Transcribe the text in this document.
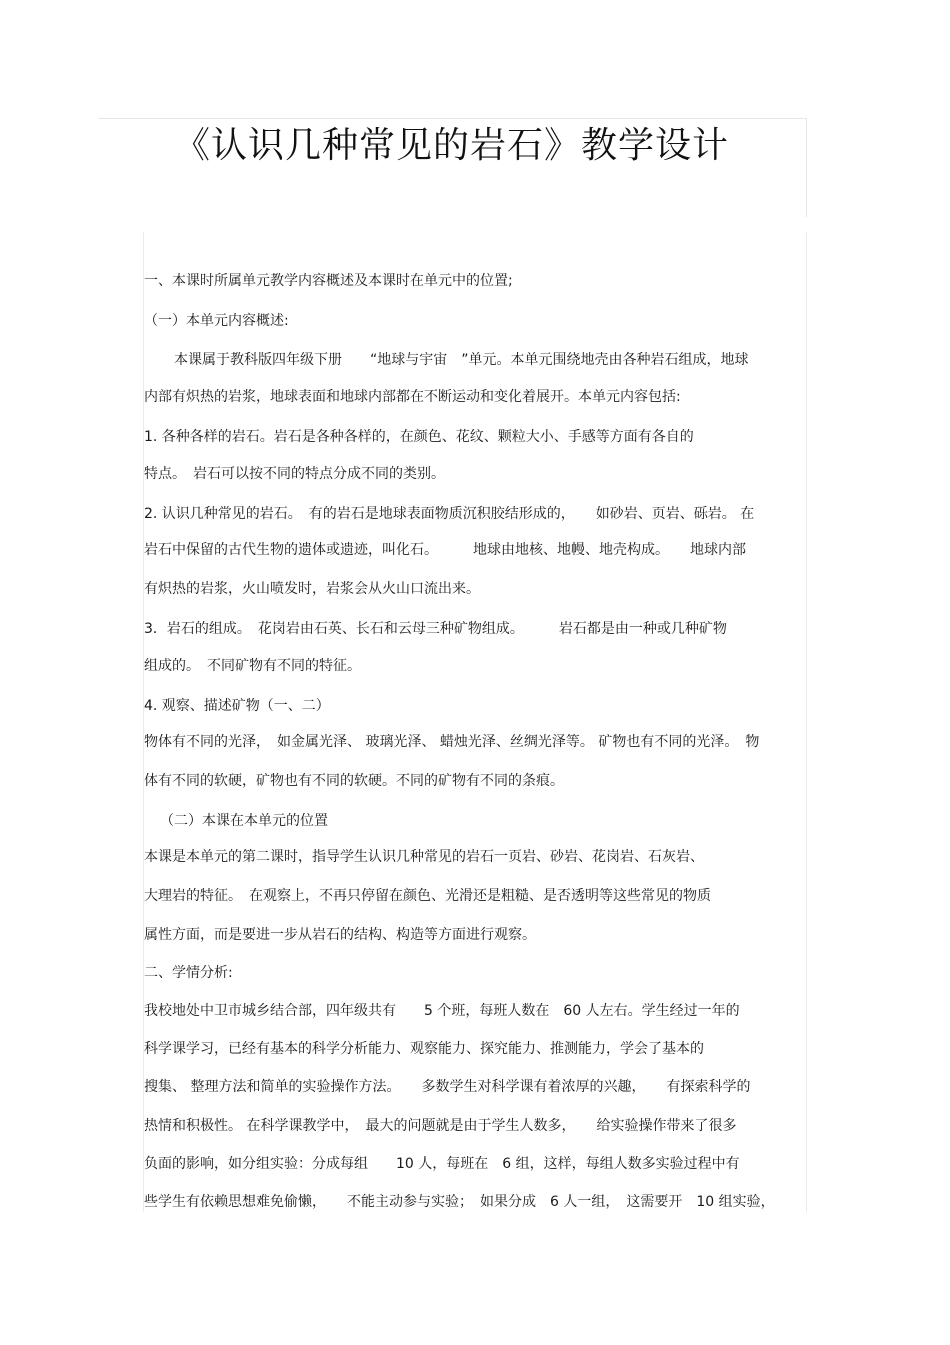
《认识几种常见的岩石》教学设计
一、本课时所属单元教学内容概述及本课时在单元中的位置;
（一）本单元内容概述:
本课属于教科版四年级下册　　“地球与宇宙　”单元。本单元围绕地壳由各种岩石组成，地球
内部有炽热的岩浆，地球表面和地球内部都在不断运动和变化着展开。本单元内容包括:
1. 各种各样的岩石。岩石是各种各样的，在颜色、花纹、颗粒大小、手感等方面有各自的
特点。　岩石可以按不同的特点分成不同的类别。
2. 认识几种常见的岩石。　有的岩石是地球表面物质沉积胶结形成的，　　如砂岩、页岩、砾岩。 在
岩石中保留的古代生物的遗体或遗迹，叫化石。　　　地球由地核、地幔、地壳构成。　　地球内部
有炽热的岩浆，火山喷发时，岩浆会从火山口流出来。
3．岩石的组成。　花岗岩由石英、长石和云母三种矿物组成。　　　岩石都是由一种或几种矿物
组成的。　不同矿物有不同的特征。
4. 观察、描述矿物（一、二）
物体有不同的光泽，　如金属光泽、 玻璃光泽、 蜡烛光泽、丝绸光泽等。 矿物也有不同的光泽。　物
体有不同的软硬，矿物也有不同的软硬。不同的矿物有不同的条痕。
（二）本课在本单元的位置
本课是本单元的第二课时，指导学生认识几种常见的岩石一页岩、砂岩、花岗岩、石灰岩、
大理岩的特征。　在观察上，不再只停留在颜色、光滑还是粗糙、是否透明等这些常见的物质
属性方面，而是要进一步从岩石的结构、构造等方面进行观察。
二、学情分析:
我校地处中卫市城乡结合部，四年级共有　　5 个班，每班人数在　60 人左右。学生经过一年的
科学课学习，已经有基本的科学分析能力、观察能力、探究能力、推测能力，学会了基本的
搜集、 整理方法和简单的实验操作方法。　　多数学生对科学课有着浓厚的兴趣，　　有探索科学的
热情和积极性。 在科学课教学中，　最大的问题就是由于学生人数多，　　给实验操作带来了很多
负面的影响，如分组实验：分成每组　　10 人，每班在　6 组，这样，每组人数多实验过程中有
些学生有依赖思想难免偷懒，　　不能主动参与实验；　如果分成　6 人一组，　这需要开　10 组实验，
